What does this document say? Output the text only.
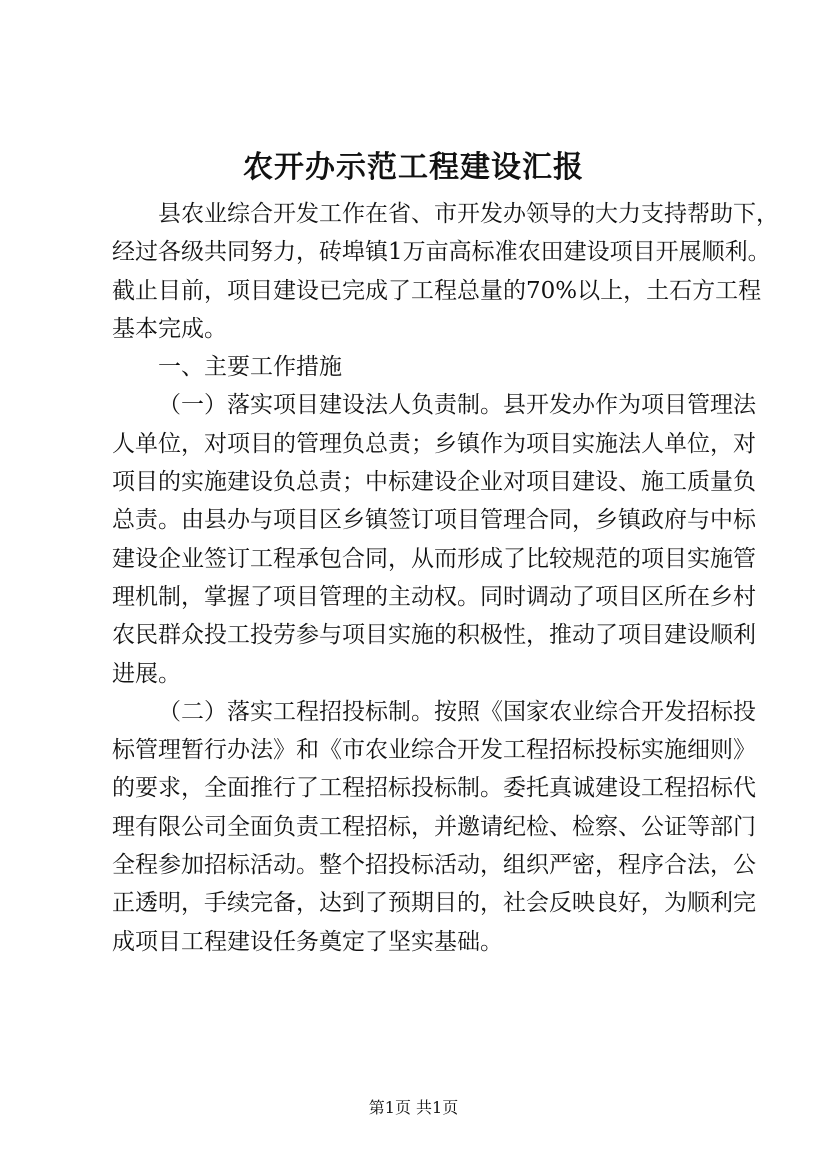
农开办示范工程建设汇报
县农业综合开发工作在省、市开发办领导的大力支持帮助下，
经过各级共同努力，砖埠镇1万亩高标准农田建设项目开展顺利。
截止目前，项目建设已完成了工程总量的70%以上，土石方工程
基本完成。
一、主要工作措施
（一）落实项目建设法人负责制。县开发办作为项目管理法
人单位，对项目的管理负总责；乡镇作为项目实施法人单位，对
项目的实施建设负总责；中标建设企业对项目建设、施工质量负
总责。由县办与项目区乡镇签订项目管理合同，乡镇政府与中标
建设企业签订工程承包合同，从而形成了比较规范的项目实施管
理机制，掌握了项目管理的主动权。同时调动了项目区所在乡村
农民群众投工投劳参与项目实施的积极性，推动了项目建设顺利
进展。
（二）落实工程招投标制。按照《国家农业综合开发招标投
标管理暂行办法》和《市农业综合开发工程招标投标实施细则》
的要求，全面推行了工程招标投标制。委托真诚建设工程招标代
理有限公司全面负责工程招标，并邀请纪检、检察、公证等部门
全程参加招标活动。整个招投标活动，组织严密，程序合法，公
正透明，手续完备，达到了预期目的，社会反映良好，为顺利完
成项目工程建设任务奠定了坚实基础。
第1页 共1页
